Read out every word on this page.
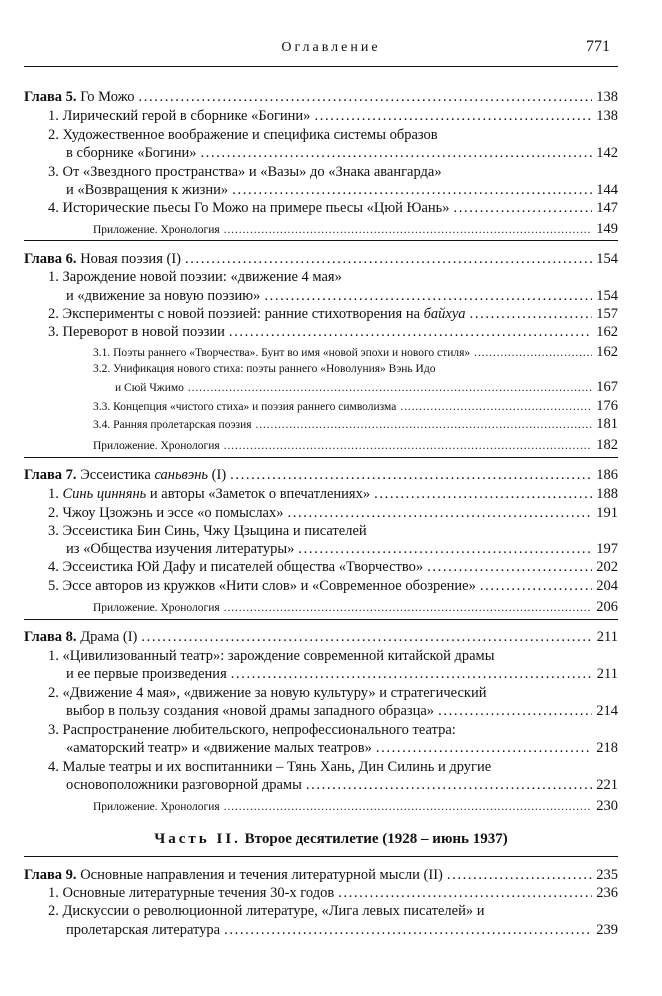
Оглавление	771
Глава 5. Го Можо . . .	138
1. Лирический герой в сборнике «Богини» . . .	138
2. Художественное воображение и специфика системы образов
в сборнике «Богини» . . .	142
3. От «Звездного пространства» и «Вазы» до «Знака авангарда»
и «Возвращения к жизни» . . .	144
4. Исторические пьесы Го Можо на примере пьесы «Цюй Юань» . . .	147
Приложение. Хронология . . .	149
Глава 6. Новая поэзия (I) . . .	154
1. Зарождение новой поэзии: «движение 4 мая»
и «движение за новую поэзию» . . .	154
2. Эксперименты с новой поэзией: ранние стихотворения на байхуа . . .	157
3. Переворот в новой поэзии . . .	162
3.1. Поэты раннего «Творчества». Бунт во имя «новой эпохи и нового стиля» . . .	162
3.2. Унификация нового стиха: поэты раннего «Новолуния» Вэнь Идо
и Сюй Чжимо . . .	167
3.3. Концепция «чистого стиха» и поэзия раннего символизма . . .	176
3.4. Ранняя пролетарская поэзия . . .	181
Приложение. Хронология . . .	182
Глава 7. Эссеистика саньвэнь (I) . . .	186
1. Синь циннянь и авторы «Заметок о впечатлениях» . . .	188
2. Чжоу Цзожэнь и эссе «о помыслах» . . .	191
3. Эссеистика Бин Синь, Чжу Цзыцина и писателей
из «Общества изучения литературы» . . .	197
4. Эссеистика Юй Дафу и писателей общества «Творчество» . . .	202
5. Эссе авторов из кружков «Нити слов» и «Современное обозрение» . . .	204
Приложение. Хронология . . .	206
Глава 8. Драма (I) . . .	211
1. «Цивилизованный театр»: зарождение современной китайской драмы
и ее первые произведения . . .	211
2. «Движение 4 мая», «движение за новую культуру» и стратегический
выбор в пользу создания «новой драмы западного образца» . . .	214
3. Распространение любительского, непрофессионального театра:
«аматорский театр» и «движение малых театров» . . .	218
4. Малые театры и их воспитанники – Тянь Хань, Дин Силинь и другие
основоположники разговорной драмы . . .	221
Приложение. Хронология . . .	230
Часть II. Второе десятилетие (1928 – июнь 1937)
Глава 9. Основные направления и течения литературной мысли (II) . . .	235
1. Основные литературные течения 30-х годов . . .	236
2. Дискуссии о революционной литературе, «Лига левых писателей» и
пролетарская литература . . .	239
